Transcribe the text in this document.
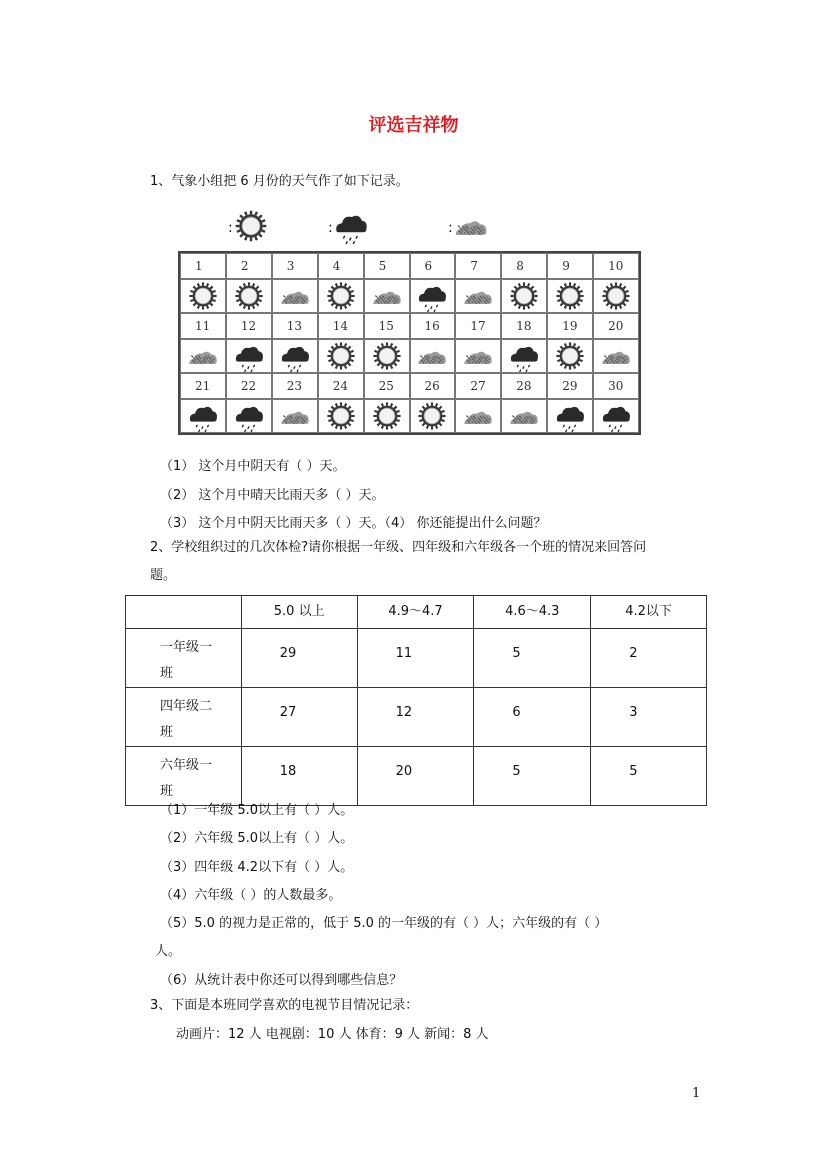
评选吉祥物
1、气象小组把 6 月份的天气作了如下记录。
:	:	:
1	2	3	4	5	6	7	8	9	10
11	12	13	14	15	16	17	18	19	20
21	22	23	24	25	26	27	28	29	30
（1） 这个月中阴天有（ ）天。
（2） 这个月中晴天比雨天多（ ）天。
（3） 这个月中阴天比雨天多（ ）天。（4） 你还能提出什么问题？
2、学校组织过的几次体检?请你根据一年级、四年级和六年级各一个班的情况来回答问
题。
	5.0 以上	4.9～4.7	4.6～4.3	4.2以下
一年级一
班	29	11	5	2
四年级二
班	27	12	6	3
六年级一
班	18	20	5	5
（1）一年级 5.0以上有（ ）人。
（2）六年级 5.0以上有（ ）人。
（3）四年级 4.2以下有（ ）人。
（4）六年级（ ）的人数最多。
（5）5.0 的视力是正常的，低于 5.0 的一年级的有（ ）人；六年级的有（ ）
人。
（6）从统计表中你还可以得到哪些信息？
3、下面是本班同学喜欢的电视节目情况记录：
动画片：12 人 电视剧：10 人 体育：9 人 新闻：8 人
1
